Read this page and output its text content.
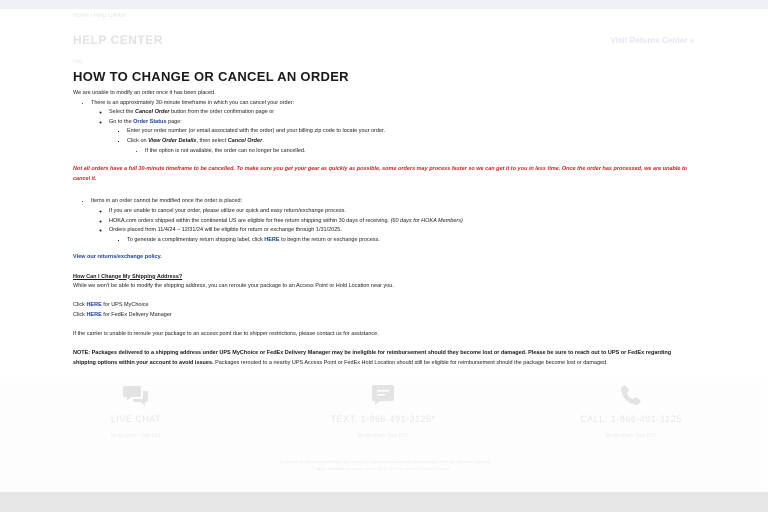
Home / Help Center
HELP CENTER	Visit Returns Center »
FAQ
HOW TO CHANGE OR CANCEL AN ORDER

We are unable to modify an order once it has been placed.

• There is an approximately 30-minute timeframe in which you can cancel your order:
◦ Select the Cancel Order button from the order confirmation page or
◦ Go to the Order Status page:
▪ Enter your order number (or email associated with the order) and your billing zip code to locate your order.
▪ Click on View Order Details, then select Cancel Order.
• If the option is not available, the order can no longer be cancelled.

Not all orders have a full 30-minute timeframe to be cancelled. To make sure you get your gear as quickly as possible, some orders may process faster so we can get it to you in less time. Once the order has processed, we are unable to cancel it.

• Items in an order cannot be modified once the order is placed:
◦ If you are unable to cancel your order, please utilize our quick and easy return/exchange process.
◦ HOKA.com orders shipped within the continental US are eligible for free return shipping within 30 days of receiving. (60 days for HOKA Members)
◦ Orders placed from 11/4/24 – 12/31/24 will be eligible for return or exchange through 1/31/2025.
▪ To generate a complimentary return shipping label, click HERE to begin the return or exchange process.

View our returns/exchange policy.

How Can I Change My Shipping Address?

While we won't be able to modify the shipping address, you can reroute your package to an Access Point or Hold Location near you.

Click HERE for UPS MyChoice

Click HERE for FedEx Delivery Manager

If the carrier is unable to reroute your package to an access point due to shipper restrictions, please contact us for assistance.

NOTE: Packages delivered to a shipping address under UPS MyChoice or FedEx Delivery Manager may be ineligible for reimbursement should they become lost or damaged. Please be sure to reach out to UPS or FedEx regarding shipping options within your account to avoid issues. Packages rerouted to a nearby UPS Access Point or FedEx Hold Location should still be eligible for reimbursement should the package become lost or damaged.

LIVE CHAT
M–Su 10am–7pm EST
TEXT: 1-866-491-3125*
M–Su 10am–7pm EST
CALL: 1-866-491-3125
M–Su 10am–7pm EST
* By texting us, you are consenting to text message support, messages may be automated. Message and data rates may apply. Message frequency varies. Reply HELP for help and STOP to cancel.
